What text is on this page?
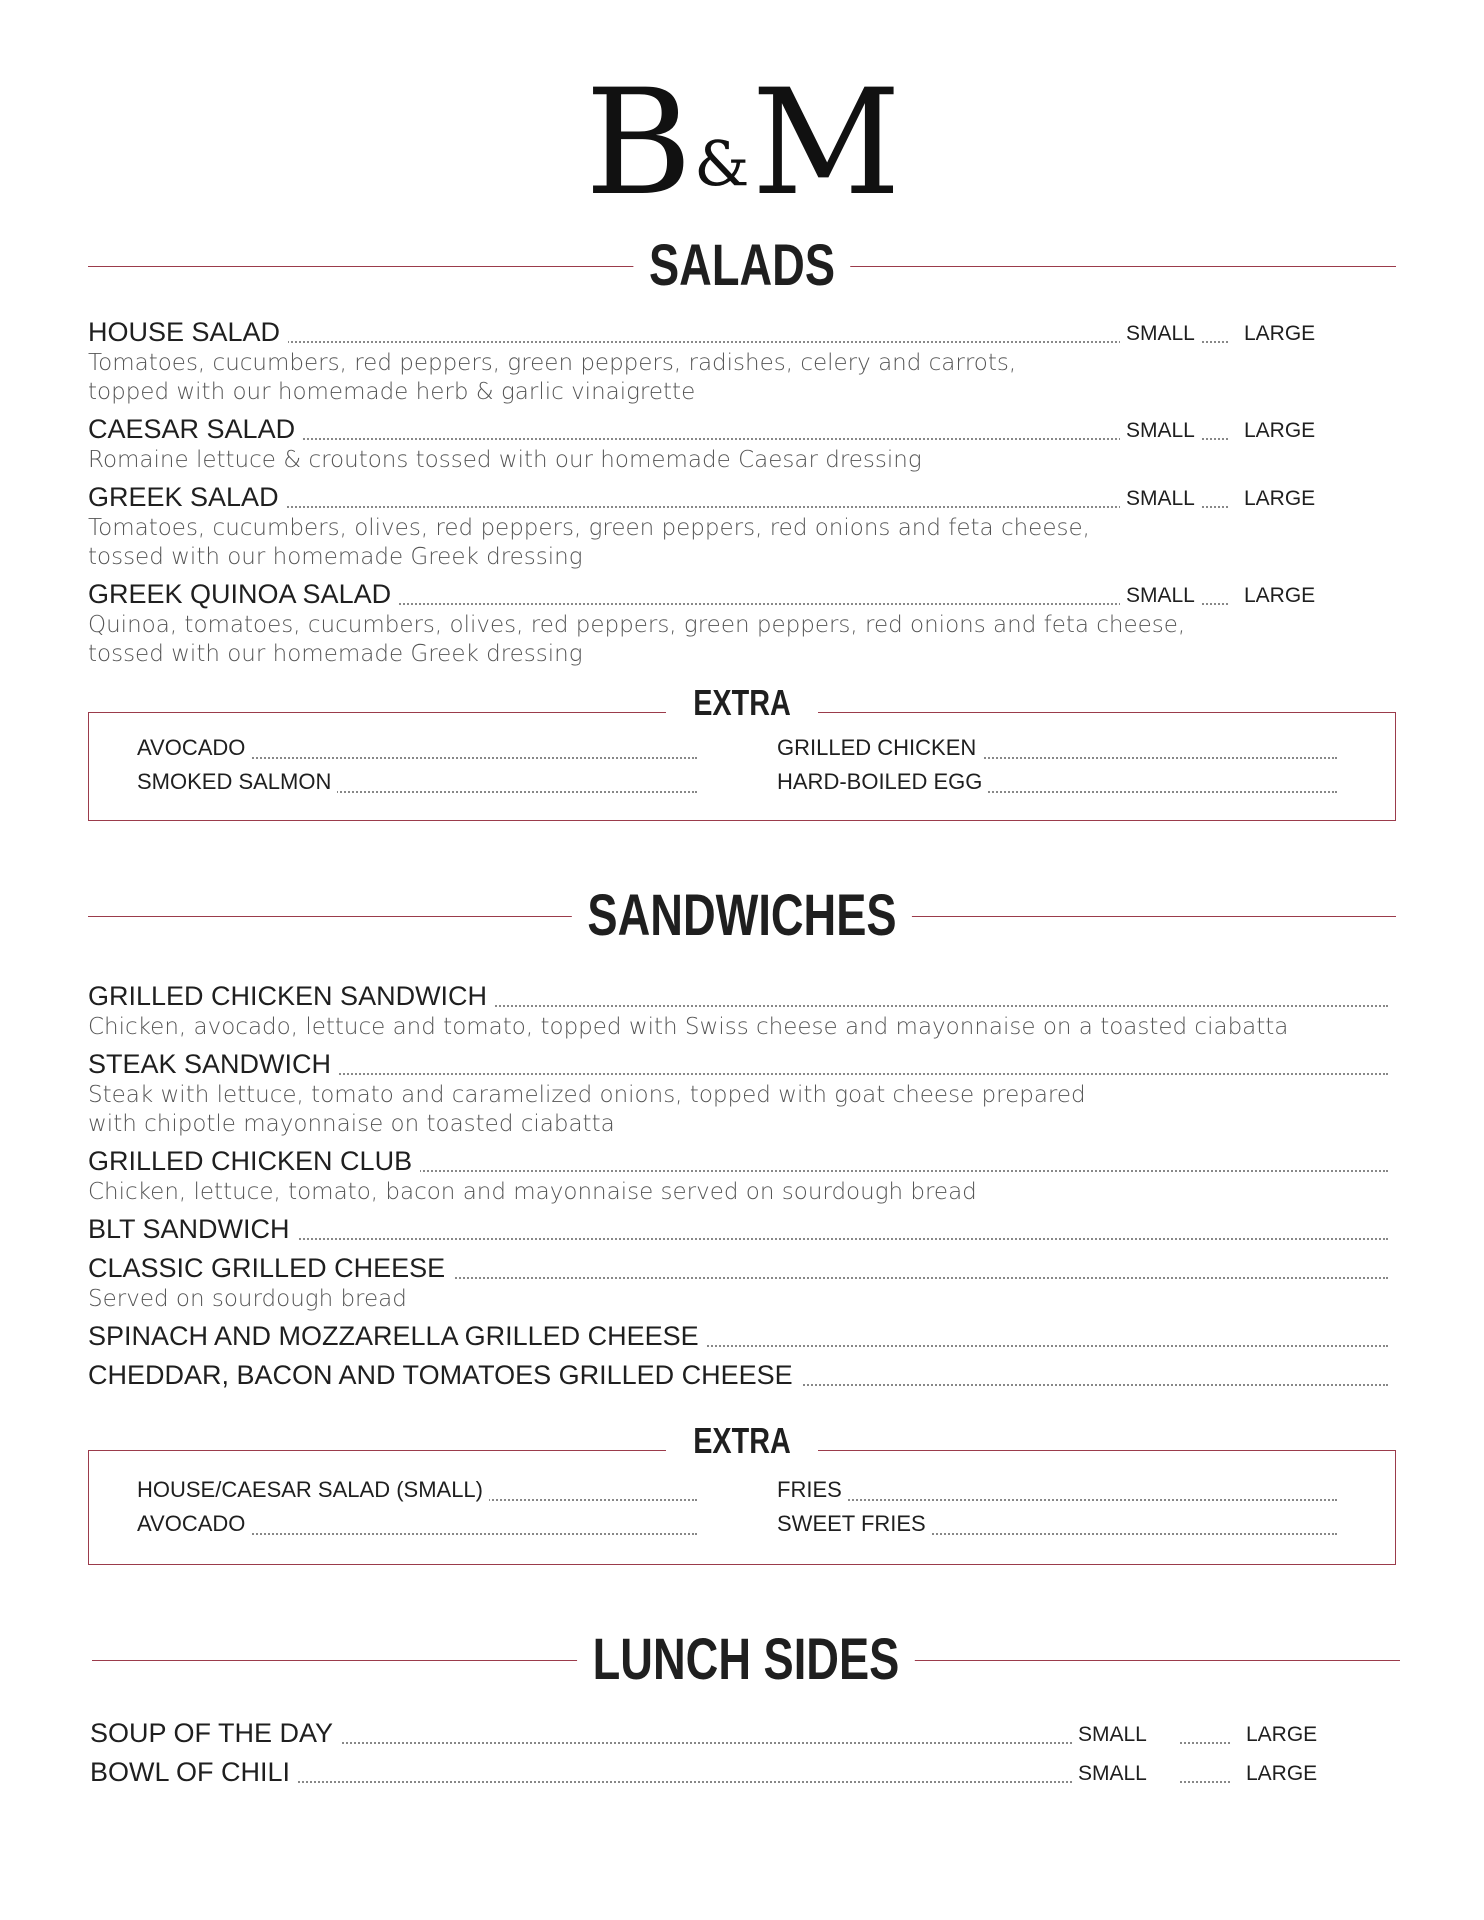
B&M
SALADS
HOUSE SALAD	SMALL LARGE
Tomatoes, cucumbers, red peppers, green peppers, radishes, celery and carrots,
topped with our homemade herb & garlic vinaigrette
CAESAR SALAD	SMALL LARGE
Romaine lettuce & croutons tossed with our homemade Caesar dressing
GREEK SALAD	SMALL LARGE
Tomatoes, cucumbers, olives, red peppers, green peppers, red onions and feta cheese,
tossed with our homemade Greek dressing
GREEK QUINOA SALAD	SMALL LARGE
Quinoa, tomatoes, cucumbers, olives, red peppers, green peppers, red onions and feta cheese,
tossed with our homemade Greek dressing
EXTRA
AVOCADO	GRILLED CHICKEN
SMOKED SALMON	HARD-BOILED EGG
SANDWICHES
GRILLED CHICKEN SANDWICH
Chicken, avocado, lettuce and tomato, topped with Swiss cheese and mayonnaise on a toasted ciabatta
STEAK SANDWICH
Steak with lettuce, tomato and caramelized onions, topped with goat cheese prepared
with chipotle mayonnaise on toasted ciabatta
GRILLED CHICKEN CLUB
Chicken, lettuce, tomato, bacon and mayonnaise served on sourdough bread
BLT SANDWICH
CLASSIC GRILLED CHEESE
Served on sourdough bread
SPINACH AND MOZZARELLA GRILLED CHEESE
CHEDDAR, BACON AND TOMATOES GRILLED CHEESE
EXTRA
HOUSE/CAESAR SALAD (SMALL)	FRIES
AVOCADO	SWEET FRIES
LUNCH SIDES
SOUP OF THE DAY	SMALL	LARGE
BOWL OF CHILI	SMALL	LARGE
